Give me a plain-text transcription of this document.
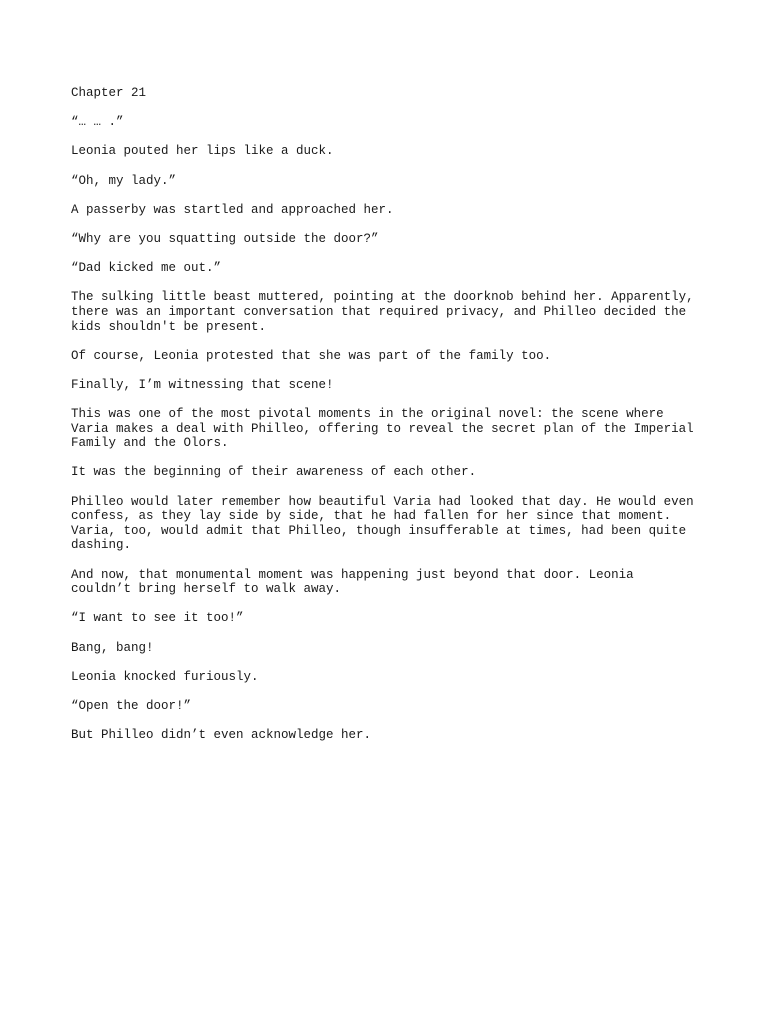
Chapter 21

“… … .”

Leonia pouted her lips like a duck.

“Oh, my lady.”

A passerby was startled and approached her.

“Why are you squatting outside the door?”

“Dad kicked me out.”

The sulking little beast muttered, pointing at the doorknob behind her. Apparently,
there was an important conversation that required privacy, and Philleo decided the
kids shouldn't be present.

Of course, Leonia protested that she was part of the family too.

Finally, I’m witnessing that scene!

This was one of the most pivotal moments in the original novel: the scene where
Varia makes a deal with Philleo, offering to reveal the secret plan of the Imperial
Family and the Olors.

It was the beginning of their awareness of each other.

Philleo would later remember how beautiful Varia had looked that day. He would even
confess, as they lay side by side, that he had fallen for her since that moment.
Varia, too, would admit that Philleo, though insufferable at times, had been quite
dashing.

And now, that monumental moment was happening just beyond that door. Leonia
couldn’t bring herself to walk away.

“I want to see it too!”

Bang, bang!

Leonia knocked furiously.

“Open the door!”

But Philleo didn’t even acknowledge her.
